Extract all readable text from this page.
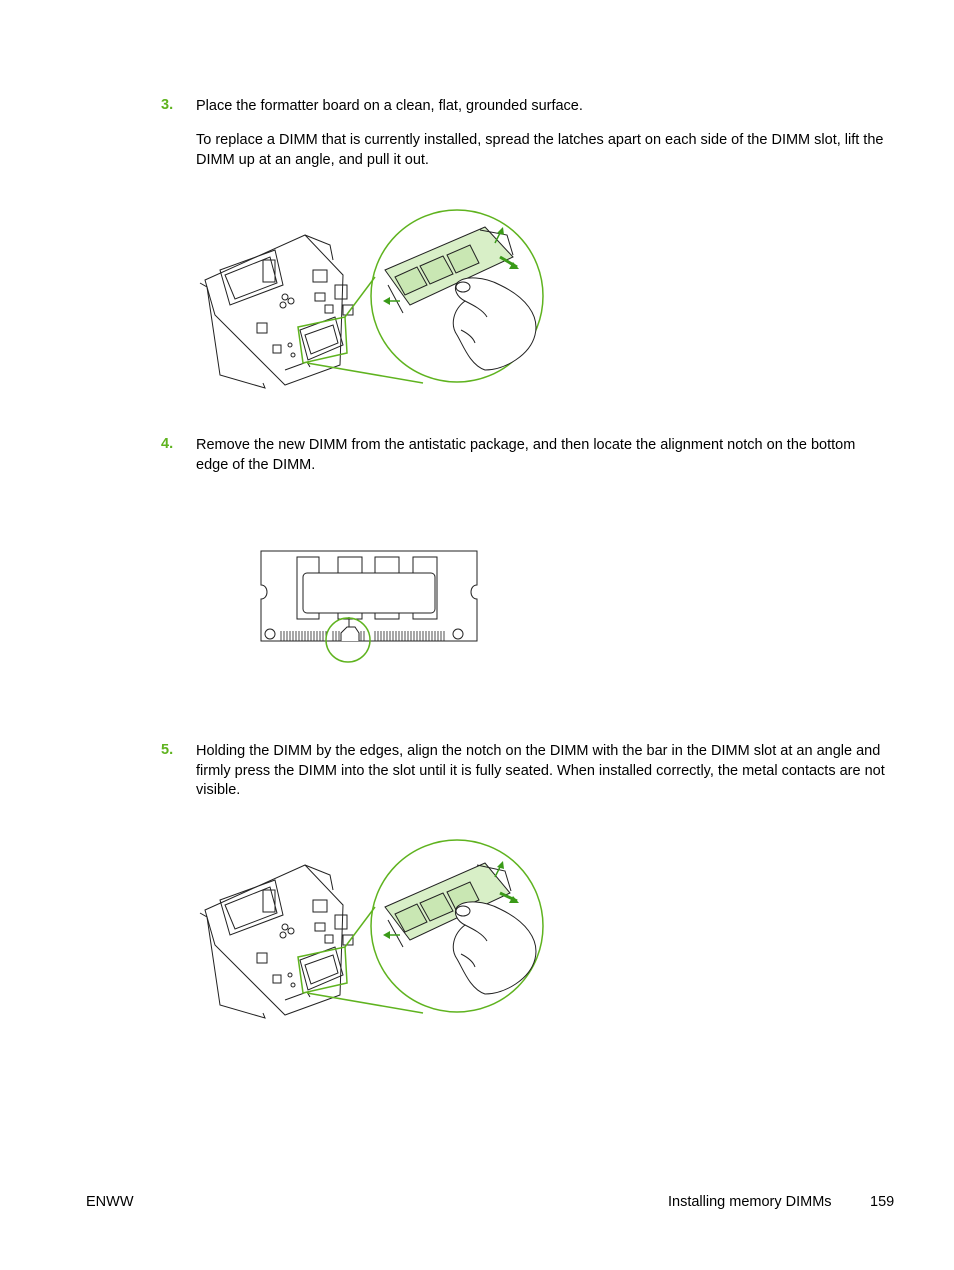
3. Place the formatter board on a clean, flat, grounded surface.

To replace a DIMM that is currently installed, spread the latches apart on each side of the DIMM slot, lift the DIMM up at an angle, and pull it out.

4. Remove the new DIMM from the antistatic package, and then locate the alignment notch on the bottom edge of the DIMM.

5. Holding the DIMM by the edges, align the notch on the DIMM with the bar in the DIMM slot at an angle and firmly press the DIMM into the slot until it is fully seated. When installed correctly, the metal contacts are not visible.

ENWW	Installing memory DIMMs	159
